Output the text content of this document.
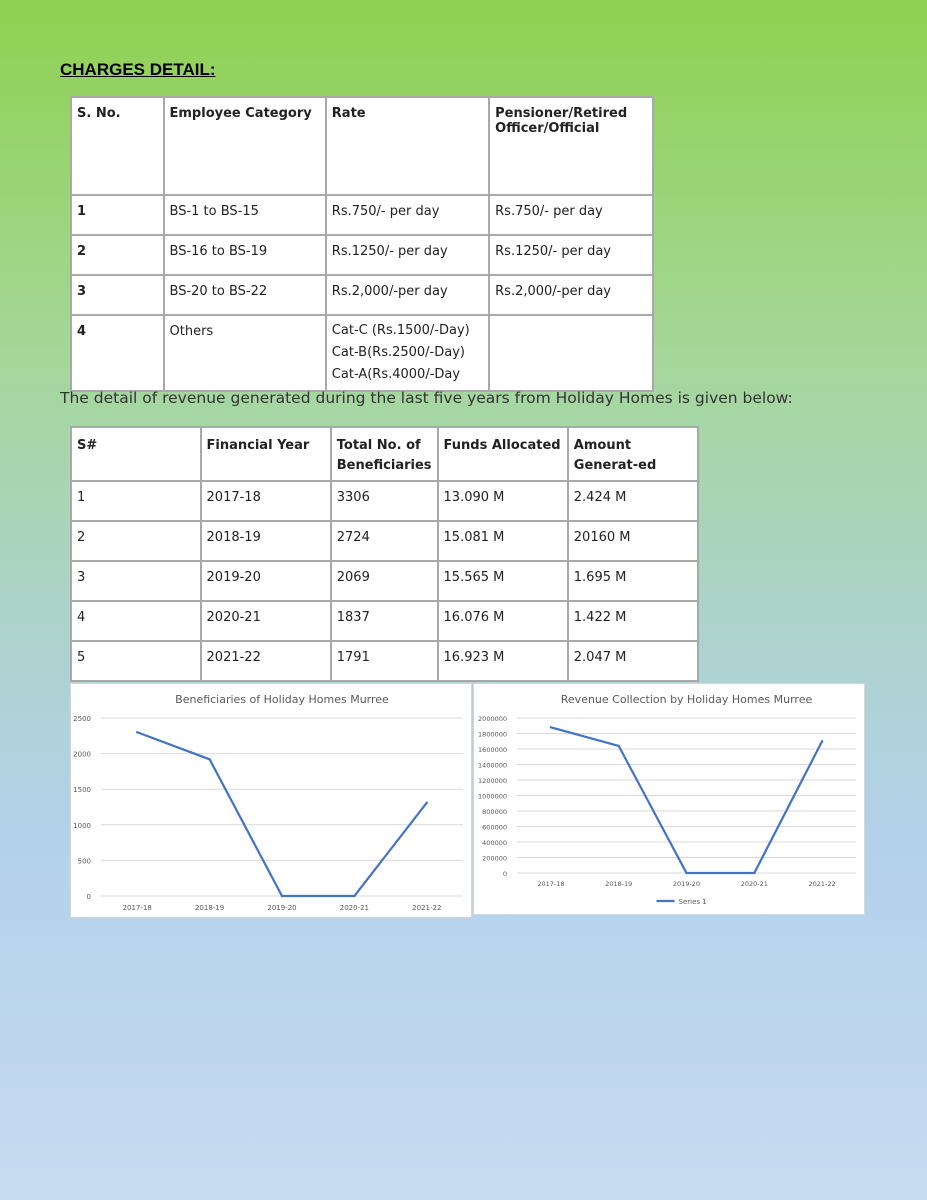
CHARGES DETAIL:
S. No.	Employee Category	Rate	Pensioner/Retired Officer/Official
1	BS-1 to BS-15	Rs.750/- per day	Rs.750/- per day
2	BS-16 to BS-19	Rs.1250/- per day	Rs.1250/- per day
3	BS-20 to BS-22	Rs.2,000/-per day	Rs.2,000/-per day
4	Others	Cat-C (Rs.1500/-Day)
Cat-B(Rs.2500/-Day)
Cat-A(Rs.4000/-Day	

The detail of revenue generated during the last five years from Holiday Homes is given below:
S#	Financial Year	Total No. of Beneficiaries	Funds Allocated	Amount Generat-ed
1	2017-18	3306	13.090 M	2.424 M
2	2018-19	2724	15.081 M	20160 M
3	2019-20	2069	15.565 M	1.695 M
4	2020-21	1837	16.076 M	1.422 M
5	2021-22	1791	16.923 M	2.047 M
Beneficiaries of Holiday Homes Murree
0
500
1000
1500
2000
2500
2017-18	2018-19	2019-20	2020-21	2021-22
Revenue Collection by Holiday Homes Murree
0
200000
400000
600000
800000
1000000
1200000
1400000
1600000
1800000
2000000
2017-18	2018-19	2019-20	2020-21	2021-22
Series 1
